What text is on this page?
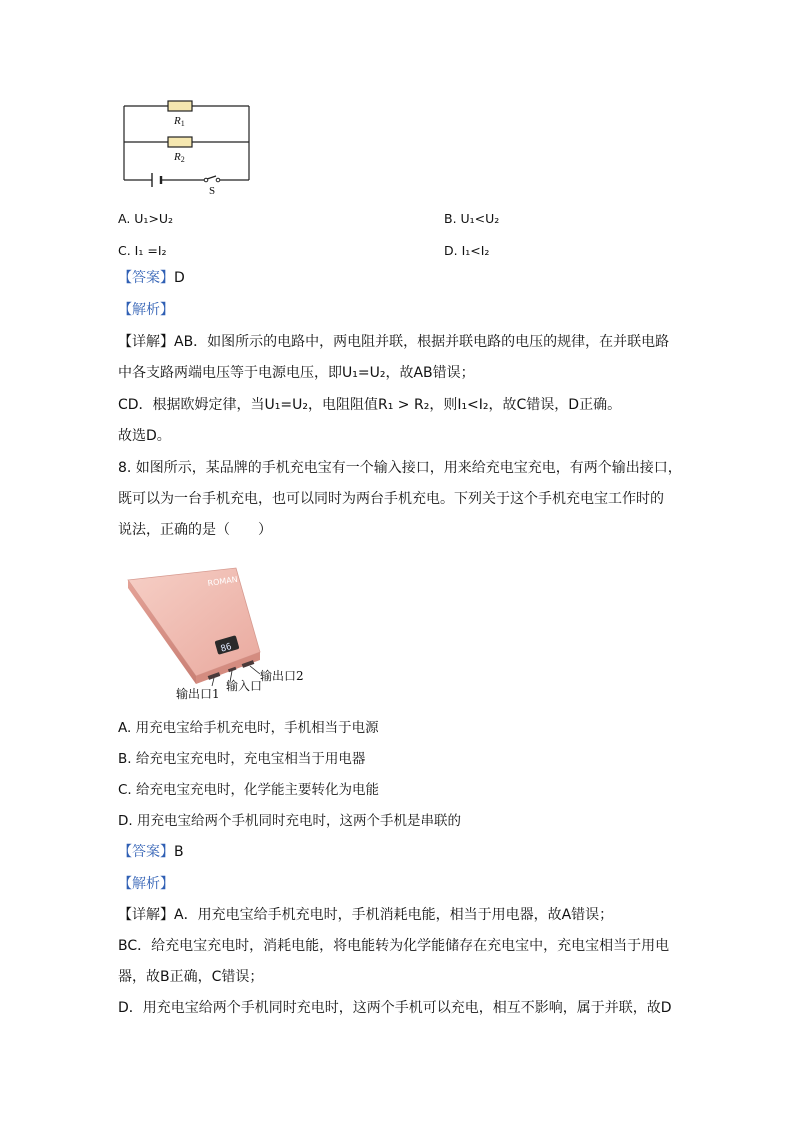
R1
R2
S
A. U₁>U₂	B. U₁<U₂
C. I₁ =I₂	D. I₁<I₂
【答案】D
【解析】
【详解】AB．如图所示的电路中，两电阻并联，根据并联电路的电压的规律，在并联电路
中各支路两端电压等于电源电压，即U₁=U₂，故AB错误；
CD．根据欧姆定律，当U₁=U₂，电阻阻值R₁ > R₂，则I₁<I₂，故C错误，D正确。
故选D。
8. 如图所示，某品牌的手机充电宝有一个输入接口，用来给充电宝充电，有两个输出接口，
既可以为一台手机充电，也可以同时为两台手机充电。下列关于这个手机充电宝工作时的
说法，正确的是（　　）
ROMAN
86
输出口1
输入口
输出口2
A. 用充电宝给手机充电时，手机相当于电源
B. 给充电宝充电时，充电宝相当于用电器
C. 给充电宝充电时，化学能主要转化为电能
D. 用充电宝给两个手机同时充电时，这两个手机是串联的
【答案】B
【解析】
【详解】A．用充电宝给手机充电时，手机消耗电能，相当于用电器，故A错误；
BC．给充电宝充电时，消耗电能，将电能转为化学能储存在充电宝中，充电宝相当于用电
器，故B正确，C错误；
D．用充电宝给两个手机同时充电时，这两个手机可以充电，相互不影响，属于并联，故D
